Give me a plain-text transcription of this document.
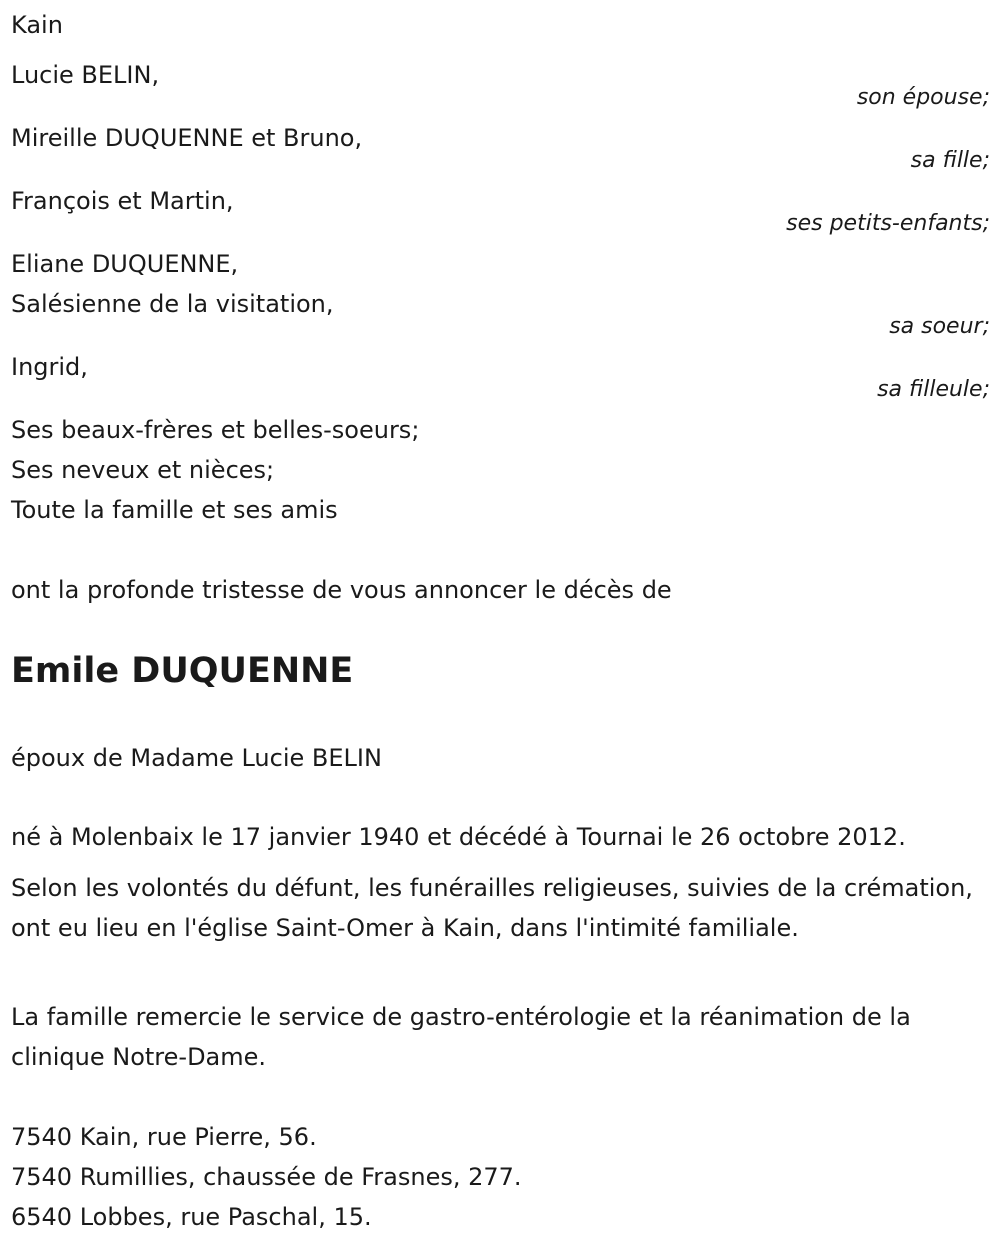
Kain
Lucie BELIN,
son épouse;
Mireille DUQUENNE et Bruno,
sa fille;
François et Martin,
ses petits-enfants;
Eliane DUQUENNE,
Salésienne de la visitation,
sa soeur;
Ingrid,
sa filleule;
Ses beaux-frères et belles-soeurs;
Ses neveux et nièces;
Toute la famille et ses amis
ont la profonde tristesse de vous annoncer le décès de
Emile DUQUENNE
époux de Madame Lucie BELIN
né à Molenbaix le 17 janvier 1940 et décédé à Tournai le 26 octobre 2012.
Selon les volontés du défunt, les funérailles religieuses, suivies de la crémation, ont eu lieu en l'église Saint-Omer à Kain, dans l'intimité familiale.
La famille remercie le service de gastro-entérologie et la réanimation de la clinique Notre-Dame.
7540 Kain, rue Pierre, 56.
7540 Rumillies, chaussée de Frasnes, 277.
6540 Lobbes, rue Paschal, 15.
